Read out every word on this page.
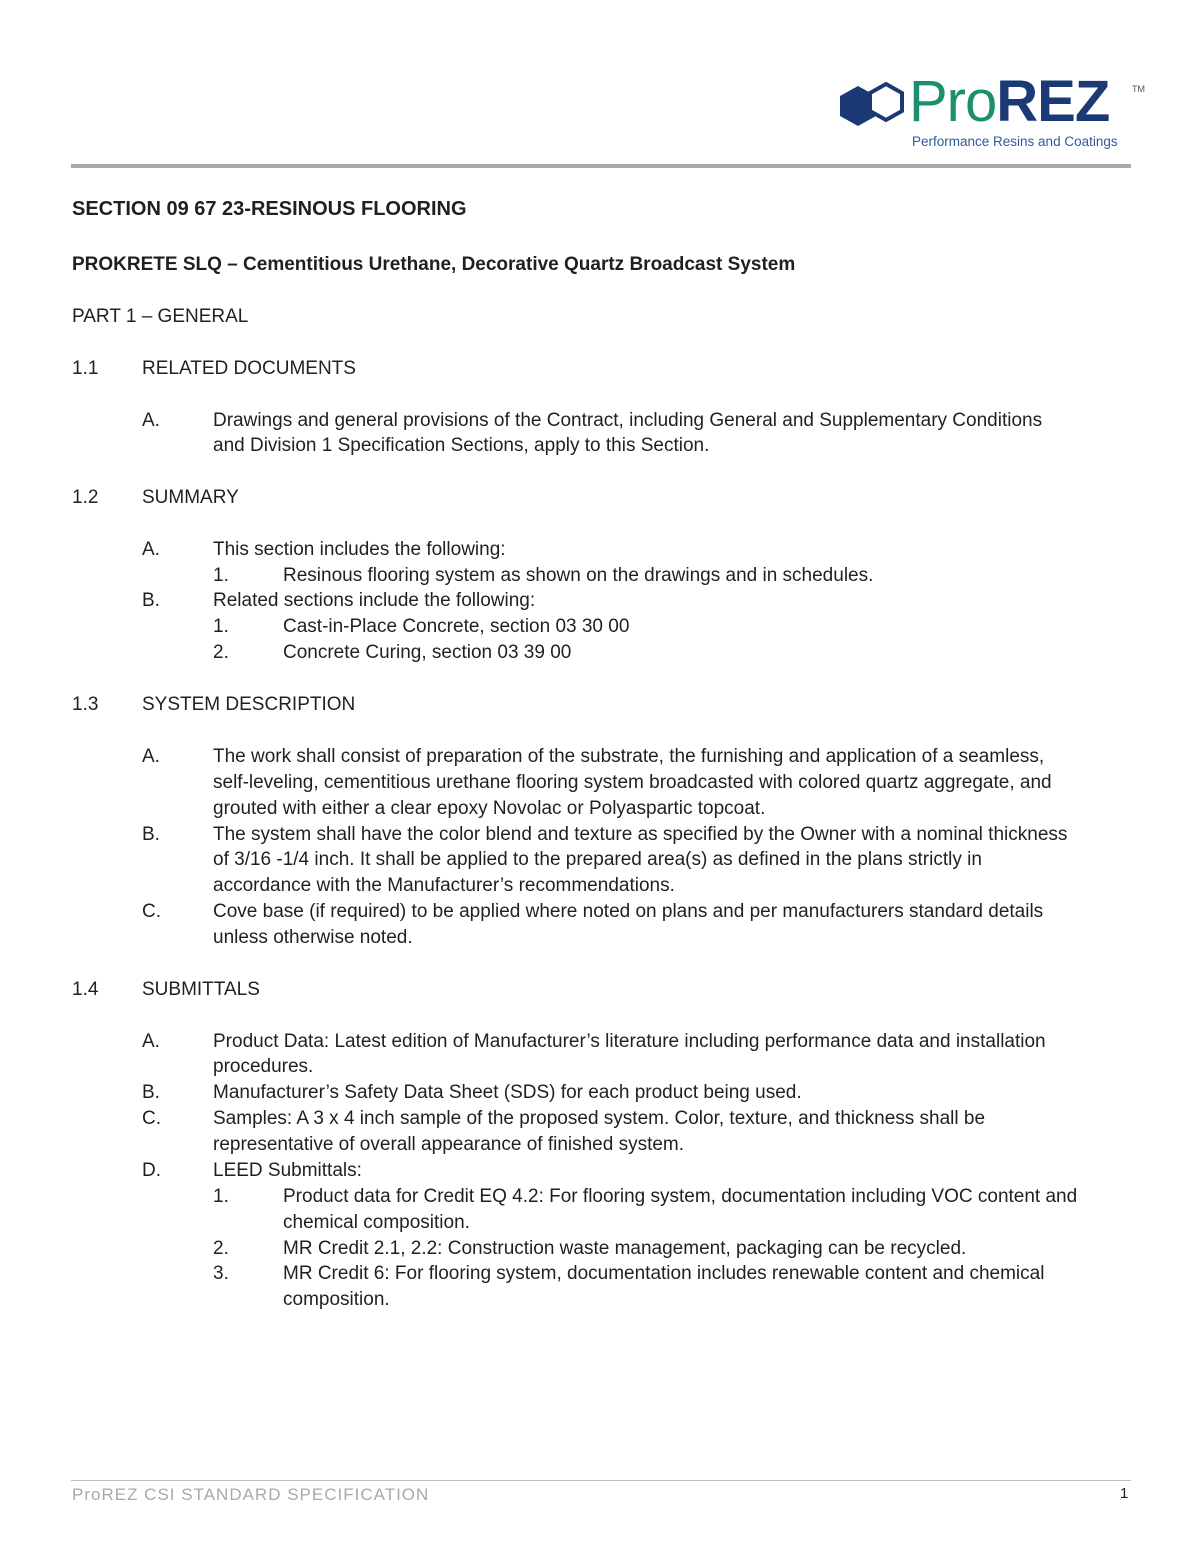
ProREZ	TM
Performance Resins and Coatings
SECTION 09 67 23-RESINOUS FLOORING
PROKRETE SLQ – Cementitious Urethane, Decorative Quartz Broadcast System
PART 1 – GENERAL
1.1 RELATED DOCUMENTS
A.	Drawings and general provisions of the Contract, including General and Supplementary Conditions
and Division 1 Specification Sections, apply to this Section.
1.2 SUMMARY
A.	This section includes the following:
1.	Resinous flooring system as shown on the drawings and in schedules.
B.	Related sections include the following:
1.	Cast-in-Place Concrete, section 03 30 00
2.	Concrete Curing, section 03 39 00
1.3 SYSTEM DESCRIPTION
A.	The work shall consist of preparation of the substrate, the furnishing and application of a seamless,
self-leveling, cementitious urethane flooring system broadcasted with colored quartz aggregate, and
grouted with either a clear epoxy Novolac or Polyaspartic topcoat.
B.	The system shall have the color blend and texture as specified by the Owner with a nominal thickness
of 3/16 -1/4 inch. It shall be applied to the prepared area(s) as defined in the plans strictly in
accordance with the Manufacturer’s recommendations.
C.	Cove base (if required) to be applied where noted on plans and per manufacturers standard details
unless otherwise noted.
1.4 SUBMITTALS
A.	Product Data: Latest edition of Manufacturer’s literature including performance data and installation
procedures.
B.	Manufacturer’s Safety Data Sheet (SDS) for each product being used.
C.	Samples: A 3 x 4 inch sample of the proposed system. Color, texture, and thickness shall be
representative of overall appearance of finished system.
D.	LEED Submittals:
1.	Product data for Credit EQ 4.2: For flooring system, documentation including VOC content and
chemical composition.
2.	MR Credit 2.1, 2.2: Construction waste management, packaging can be recycled.
3.	MR Credit 6: For flooring system, documentation includes renewable content and chemical
composition.
ProREZ CSI STANDARD SPECIFICATION	1
